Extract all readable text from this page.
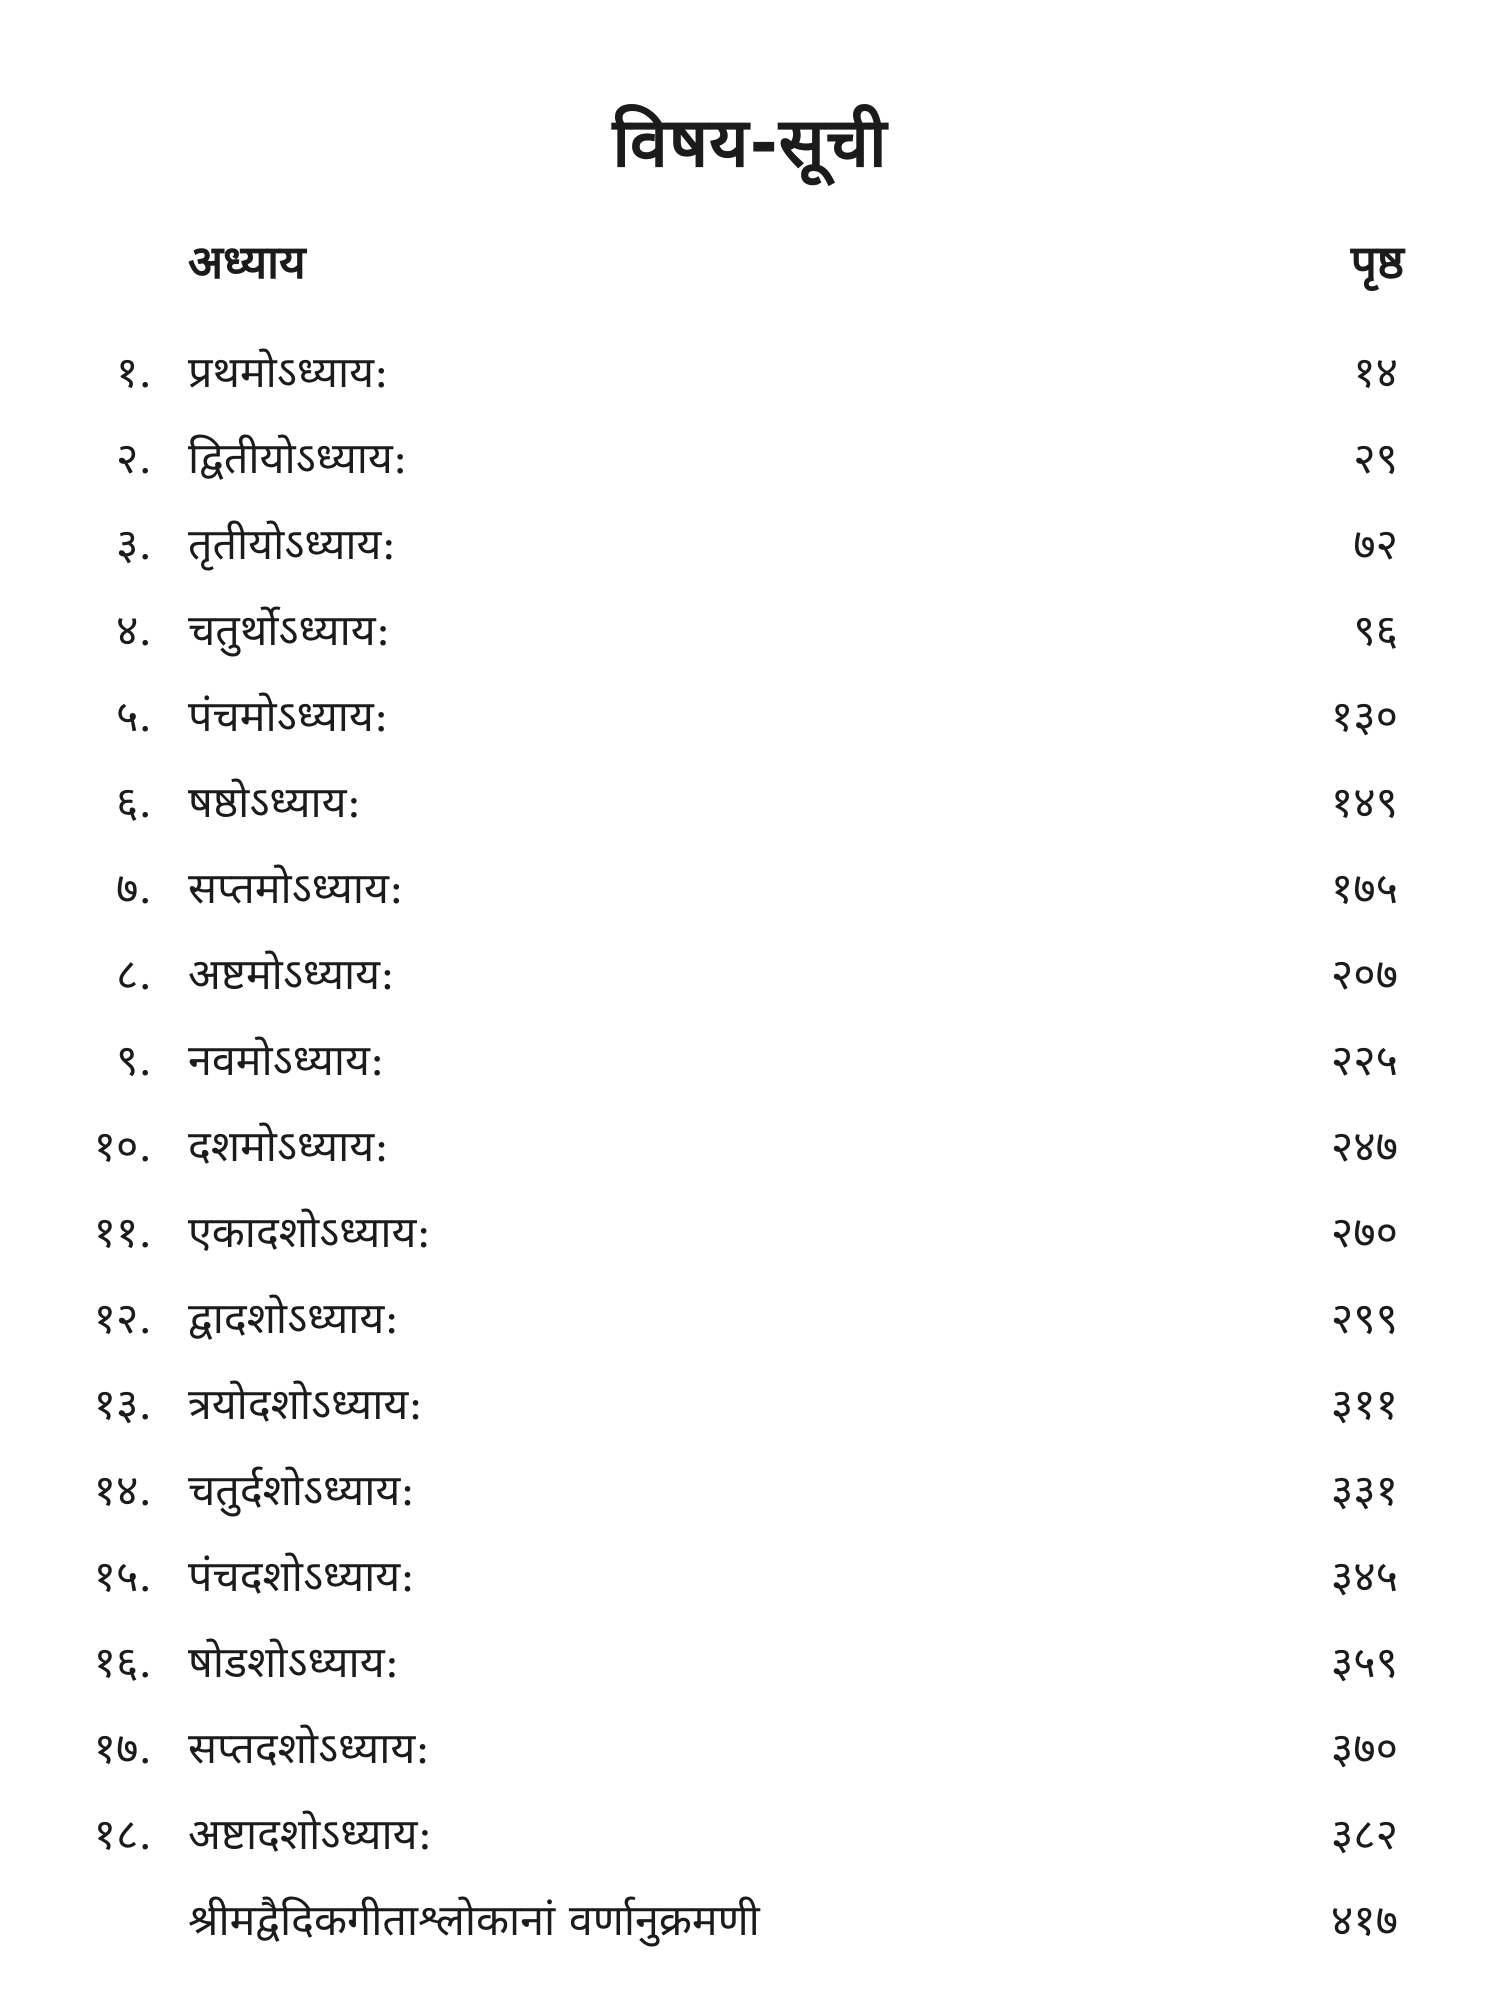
विषय-सूची
अध्याय	पृष्ठ
१. प्रथमोऽध्याय:	१४
२. द्वितीयोऽध्याय:	२९
३. तृतीयोऽध्याय:	७२
४. चतुर्थोऽध्याय:	९६
५. पंचमोऽध्याय:	१३०
६. षष्ठोऽध्याय:	१४९
७. सप्तमोऽध्याय:	१७५
८. अष्टमोऽध्याय:	२०७
९. नवमोऽध्याय:	२२५
१०. दशमोऽध्याय:	२४७
११. एकादशोऽध्याय:	२७०
१२. द्वादशोऽध्याय:	२९९
१३. त्रयोदशोऽध्याय:	३११
१४. चतुर्दशोऽध्याय:	३३१
१५. पंचदशोऽध्याय:	३४५
१६. षोडशोऽध्याय:	३५९
१७. सप्तदशोऽध्याय:	३७०
१८. अष्टादशोऽध्याय:	३८२
श्रीमद्वैदिकगीताश्लोकानां वर्णानुक्रमणी	४१७
